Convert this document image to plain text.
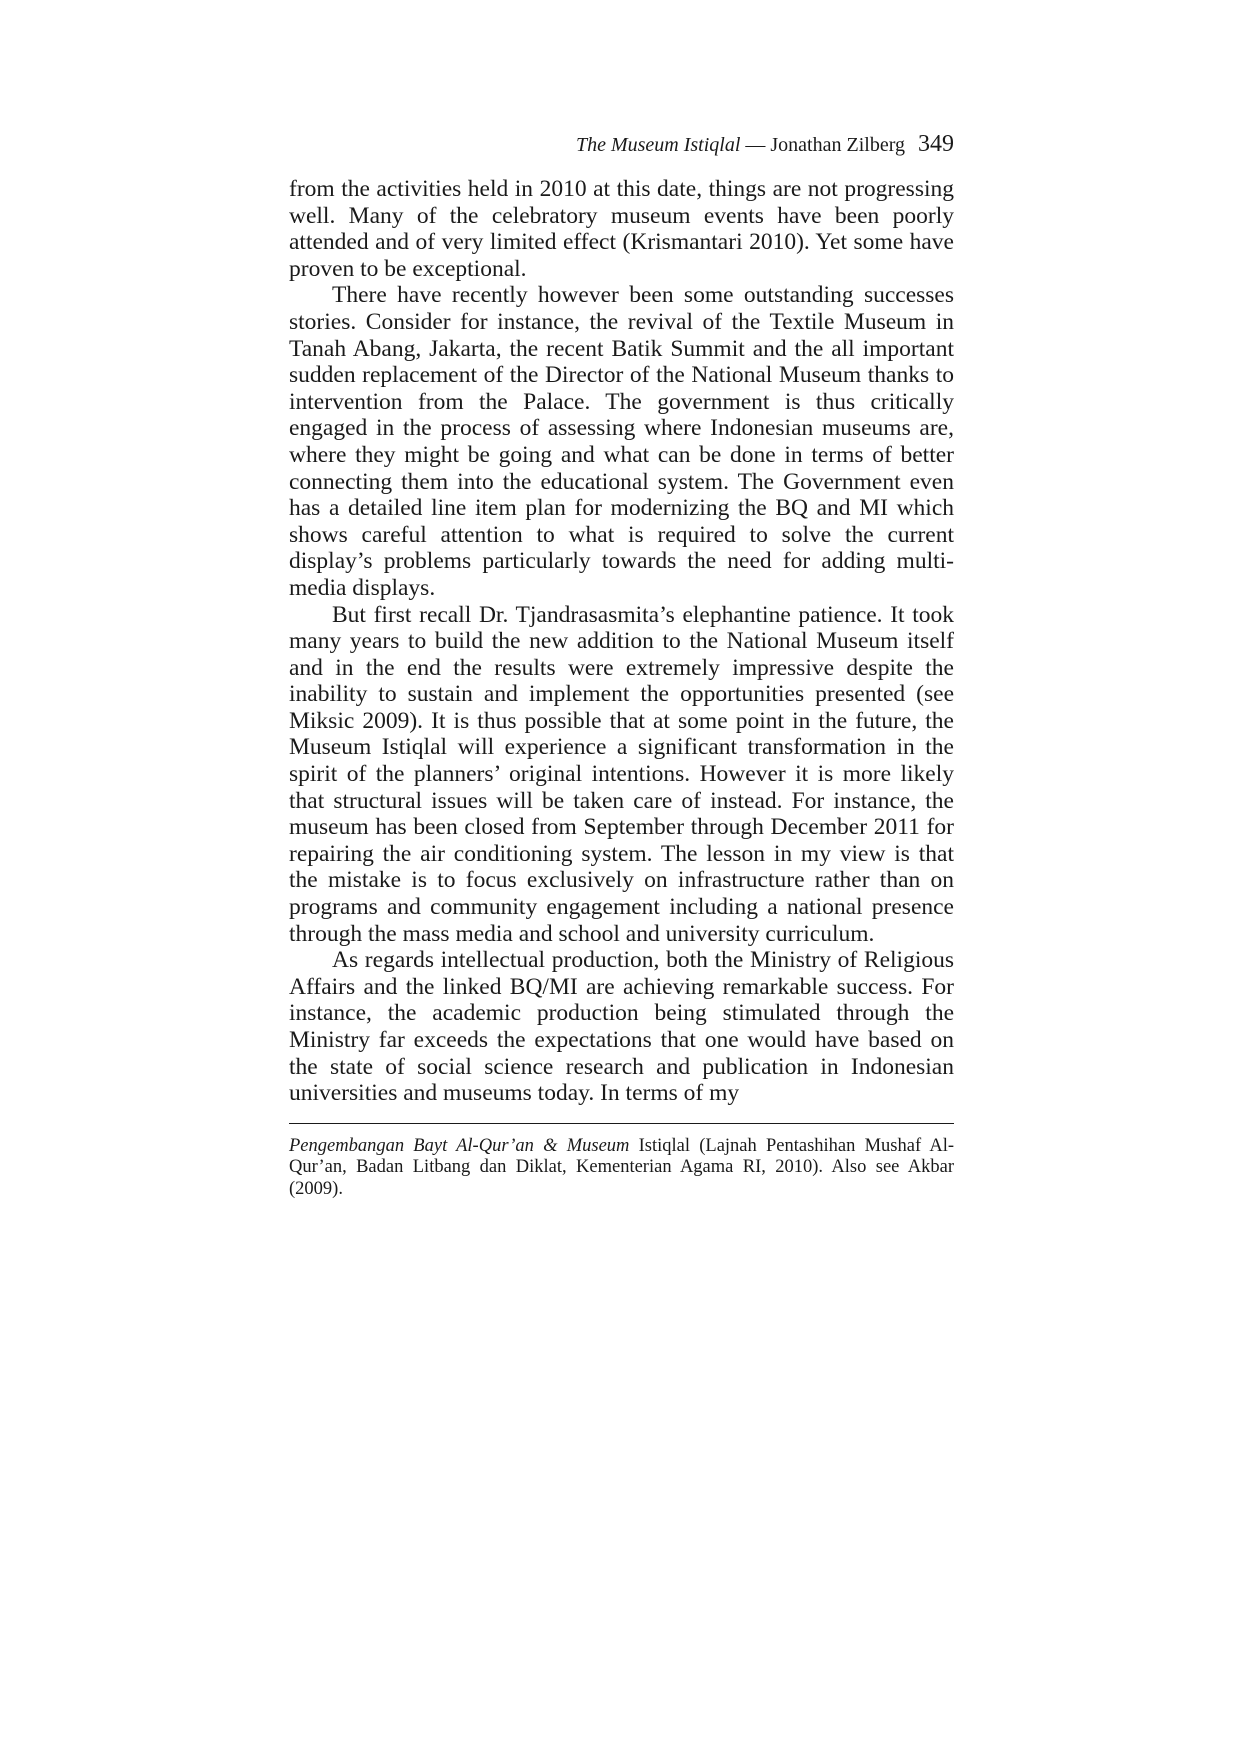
The Museum Istiqlal — Jonathan Zilberg 349

from the activities held in 2010 at this date, things are not progressing well. Many of the celebratory museum events have been poorly attended and of very limited effect (Krismantari 2010). Yet some have proven to be exceptional.

There have recently however been some outstanding successes stories. Consider for instance, the revival of the Textile Museum in Tanah Abang, Jakarta, the recent Batik Summit and the all important sudden replacement of the Director of the National Museum thanks to intervention from the Palace. The government is thus critically engaged in the process of assessing where Indonesian museums are, where they might be going and what can be done in terms of better connecting them into the educational system. The Government even has a detailed line item plan for modernizing the BQ and MI which shows careful attention to what is required to solve the current display’s problems particularly towards the need for adding multi-media displays.

But first recall Dr. Tjandrasasmita’s elephantine patience. It took many years to build the new addition to the National Museum itself and in the end the results were extremely impressive despite the inability to sustain and implement the opportunities presented (see Miksic 2009). It is thus possible that at some point in the future, the Museum Istiqlal will experience a significant transformation in the spirit of the planners’ original intentions. However it is more likely that structural issues will be taken care of instead. For instance, the museum has been closed from September through December 2011 for repairing the air conditioning system. The lesson in my view is that the mistake is to focus exclusively on infrastructure rather than on programs and community engagement including a national presence through the mass media and school and university curriculum.

As regards intellectual production, both the Ministry of Religious Affairs and the linked BQ/MI are achieving remarkable success. For instance, the academic production being stimulated through the Ministry far exceeds the expectations that one would have based on the state of social science research and publication in Indonesian universities and museums today. In terms of my

Pengembangan Bayt Al-Qur’an & Museum Istiqlal (Lajnah Pentashihan Mushaf Al-Qur’an, Badan Litbang dan Diklat, Kementerian Agama RI, 2010). Also see Akbar (2009).
